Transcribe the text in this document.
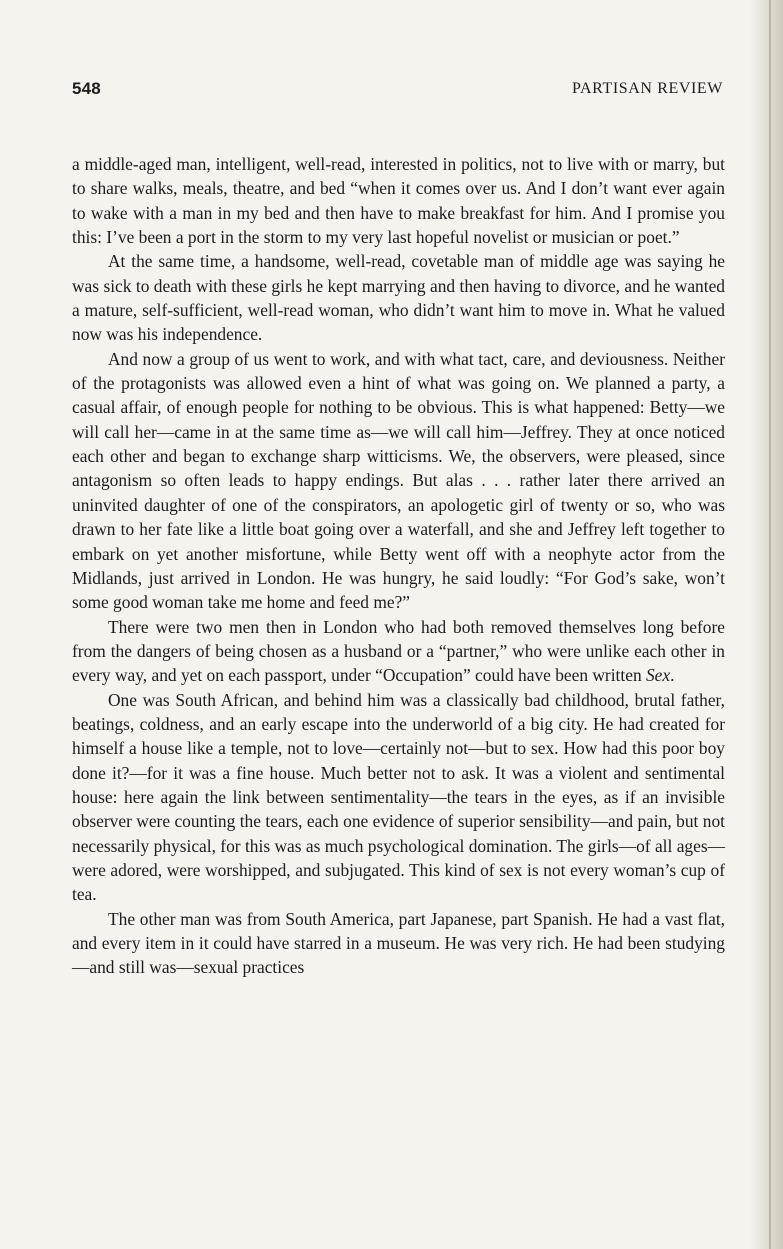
548	PARTISAN REVIEW

a middle-aged man, intelligent, well-read, interested in politics, not to live with or marry, but to share walks, meals, theatre, and bed “when it comes over us. And I don’t want ever again to wake with a man in my bed and then have to make breakfast for him. And I promise you this: I’ve been a port in the storm to my very last hopeful novelist or musician or poet.”

At the same time, a handsome, well-read, covetable man of middle age was saying he was sick to death with these girls he kept marrying and then having to divorce, and he wanted a mature, self-sufficient, well-read woman, who didn’t want him to move in. What he valued now was his independence.

And now a group of us went to work, and with what tact, care, and deviousness. Neither of the protagonists was allowed even a hint of what was going on. We planned a party, a casual affair, of enough people for nothing to be obvious. This is what happened: Betty—we will call her—came in at the same time as—we will call him—Jeffrey. They at once noticed each other and began to exchange sharp witticisms. We, the observers, were pleased, since antagonism so often leads to happy endings. But alas . . . rather later there arrived an uninvited daughter of one of the conspirators, an apologetic girl of twenty or so, who was drawn to her fate like a little boat going over a waterfall, and she and Jeffrey left together to embark on yet another misfortune, while Betty went off with a neophyte actor from the Midlands, just arrived in London. He was hungry, he said loudly: “For God’s sake, won’t some good woman take me home and feed me?”

There were two men then in London who had both removed themselves long before from the dangers of being chosen as a husband or a “partner,” who were unlike each other in every way, and yet on each passport, under “Occupation” could have been written Sex.

One was South African, and behind him was a classically bad childhood, brutal father, beatings, coldness, and an early escape into the underworld of a big city. He had created for himself a house like a temple, not to love—certainly not—but to sex. How had this poor boy done it?—for it was a fine house. Much better not to ask. It was a violent and sentimental house: here again the link between sentimentality—the tears in the eyes, as if an invisible observer were counting the tears, each one evidence of superior sensibility—and pain, but not necessarily physical, for this was as much psychological domination. The girls—of all ages—were adored, were worshipped, and subjugated. This kind of sex is not every woman’s cup of tea.

The other man was from South America, part Japanese, part Spanish. He had a vast flat, and every item in it could have starred in a museum. He was very rich. He had been studying—and still was—sexual practices
